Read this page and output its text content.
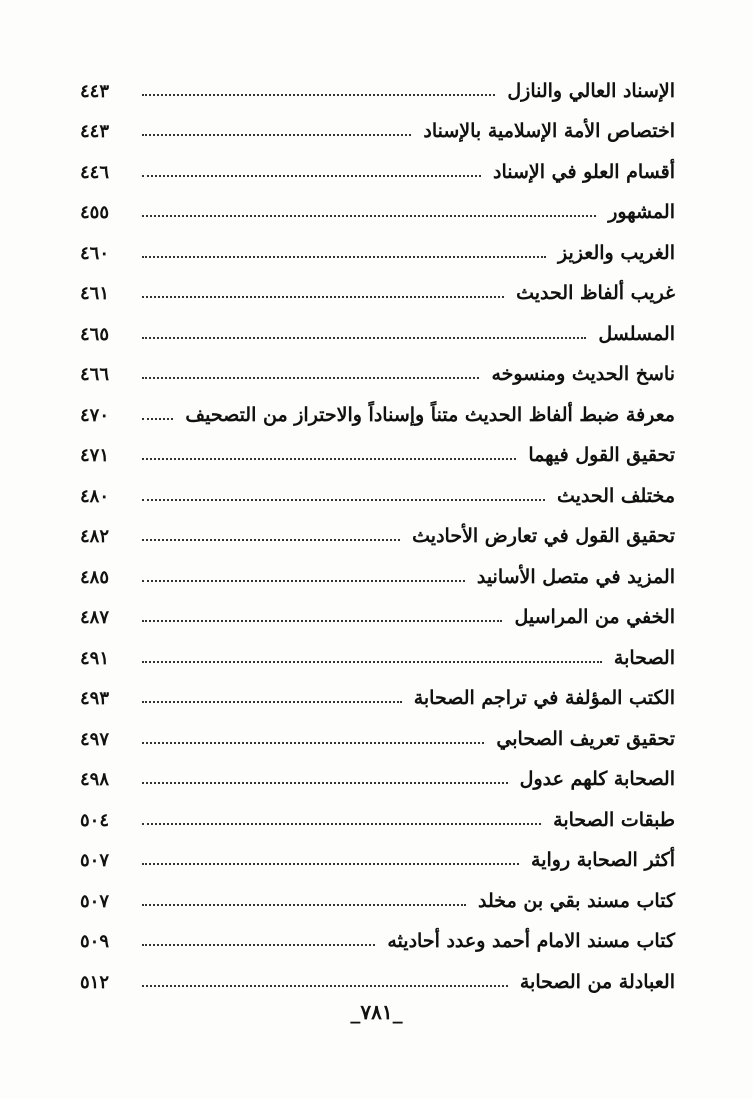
الإسناد العالي والنازل
٤٤٣
اختصاص الأمة الإسلامية بالإسناد
٤٤٣
أقسام العلو في الإسناد
٤٤٦
المشهور
٤٥٥
الغريب والعزيز
٤٦٠
غريب ألفاظ الحديث
٤٦١
المسلسل
٤٦٥
ناسخ الحديث ومنسوخه
٤٦٦
معرفة ضبط ألفاظ الحديث متناً وإسناداً والاحتراز من التصحيف
٤٧٠
تحقيق القول فيهما
٤٧١
مختلف الحديث
٤٨٠
تحقيق القول في تعارض الأحاديث
٤٨٢
المزيد في متصل الأسانيد
٤٨٥
الخفي من المراسيل
٤٨٧
الصحابة
٤٩١
الكتب المؤلفة في تراجم الصحابة
٤٩٣
تحقيق تعريف الصحابي
٤٩٧
الصحابة كلهم عدول
٤٩٨
طبقات الصحابة
٥٠٤
أكثر الصحابة رواية
٥٠٧
كتاب مسند بقي بن مخلد
٥٠٧
كتاب مسند الامام أحمد وعدد أحاديثه
٥٠٩
العبادلة من الصحابة
٥١٢
_٧٨١_
